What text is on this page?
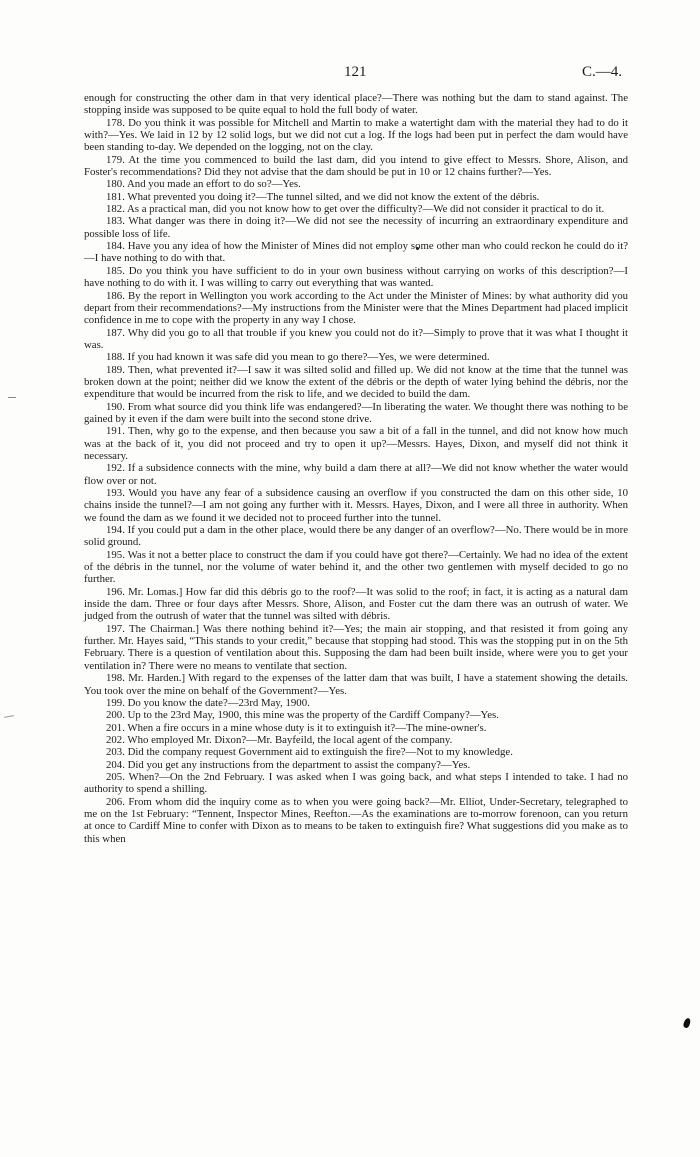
121	C.—4.

enough for constructing the other dam in that very identical place?—There was nothing but the dam to stand against. The stopping inside was supposed to be quite equal to hold the full body of water.

178. Do you think it was possible for Mitchell and Martin to make a watertight dam with the material they had to do it with?—Yes. We laid in 12 by 12 solid logs, but we did not cut a log. If the logs had been put in perfect the dam would have been standing to-day. We depended on the logging, not on the clay.

179. At the time you commenced to build the last dam, did you intend to give effect to Messrs. Shore, Alison, and Foster's recommendations? Did they not advise that the dam should be put in 10 or 12 chains further?—Yes.

180. And you made an effort to do so?—Yes.

181. What prevented you doing it?—The tunnel silted, and we did not know the extent of the débris.

182. As a practical man, did you not know how to get over the difficulty?—We did not consider it practical to do it.

183. What danger was there in doing it?—We did not see the necessity of incurring an extraordinary expenditure and possible loss of life.

184. Have you any idea of how the Minister of Mines did not employ some other man who could reckon he could do it?—I have nothing to do with that.

185. Do you think you have sufficient to do in your own business without carrying on works of this description?—I have nothing to do with it. I was willing to carry out everything that was wanted.

186. By the report in Wellington you work according to the Act under the Minister of Mines: by what authority did you depart from their recommendations?—My instructions from the Minister were that the Mines Department had placed implicit confidence in me to cope with the property in any way I chose.

187. Why did you go to all that trouble if you knew you could not do it?—Simply to prove that it was what I thought it was.

188. If you had known it was safe did you mean to go there?—Yes, we were determined.

189. Then, what prevented it?—I saw it was silted solid and filled up. We did not know at the time that the tunnel was broken down at the point; neither did we know the extent of the débris or the depth of water lying behind the débris, nor the expenditure that would be incurred from the risk to life, and we decided to build the dam.

190. From what source did you think life was endangered?—In liberating the water. We thought there was nothing to be gained by it even if the dam were built into the second stone drive.

191. Then, why go to the expense, and then because you saw a bit of a fall in the tunnel, and did not know how much was at the back of it, you did not proceed and try to open it up?—Messrs. Hayes, Dixon, and myself did not think it necessary.

192. If a subsidence connects with the mine, why build a dam there at all?—We did not know whether the water would flow over or not.

193. Would you have any fear of a subsidence causing an overflow if you constructed the dam on this other side, 10 chains inside the tunnel?—I am not going any further with it. Messrs. Hayes, Dixon, and I were all three in authority. When we found the dam as we found it we decided not to proceed further into the tunnel.

194. If you could put a dam in the other place, would there be any danger of an overflow?—No. There would be in more solid ground.

195. Was it not a better place to construct the dam if you could have got there?—Certainly. We had no idea of the extent of the débris in the tunnel, nor the volume of water behind it, and the other two gentlemen with myself decided to go no further.

196. Mr. Lomas.] How far did this débris go to the roof?—It was solid to the roof; in fact, it is acting as a natural dam inside the dam. Three or four days after Messrs. Shore, Alison, and Foster cut the dam there was an outrush of water. We judged from the outrush of water that the tunnel was silted with débris.

197. The Chairman.] Was there nothing behind it?—Yes; the main air stopping, and that resisted it from going any further. Mr. Hayes said, “This stands to your credit,” because that stopping had stood. This was the stopping put in on the 5th February. There is a question of ventilation about this. Supposing the dam had been built inside, where were you to get your ventilation in? There were no means to ventilate that section.

198. Mr. Harden.] With regard to the expenses of the latter dam that was built, I have a statement showing the details. You took over the mine on behalf of the Government?—Yes.

199. Do you know the date?—23rd May, 1900.

200. Up to the 23rd May, 1900, this mine was the property of the Cardiff Company?—Yes.

201. When a fire occurs in a mine whose duty is it to extinguish it?—The mine-owner's.

202. Who employed Mr. Dixon?—Mr. Bayfeild, the local agent of the company.

203. Did the company request Government aid to extinguish the fire?—Not to my knowledge.

204. Did you get any instructions from the department to assist the company?—Yes.

205. When?—On the 2nd February. I was asked when I was going back, and what steps I intended to take. I had no authority to spend a shilling.

206. From whom did the inquiry come as to when you were going back?—Mr. Elliot, Under-Secretary, telegraphed to me on the 1st February: “Tennent, Inspector Mines, Reefton.—As the examinations are to-morrow forenoon, can you return at once to Cardiff Mine to confer with Dixon as to means to be taken to extinguish fire? What suggestions did you make as to this when
